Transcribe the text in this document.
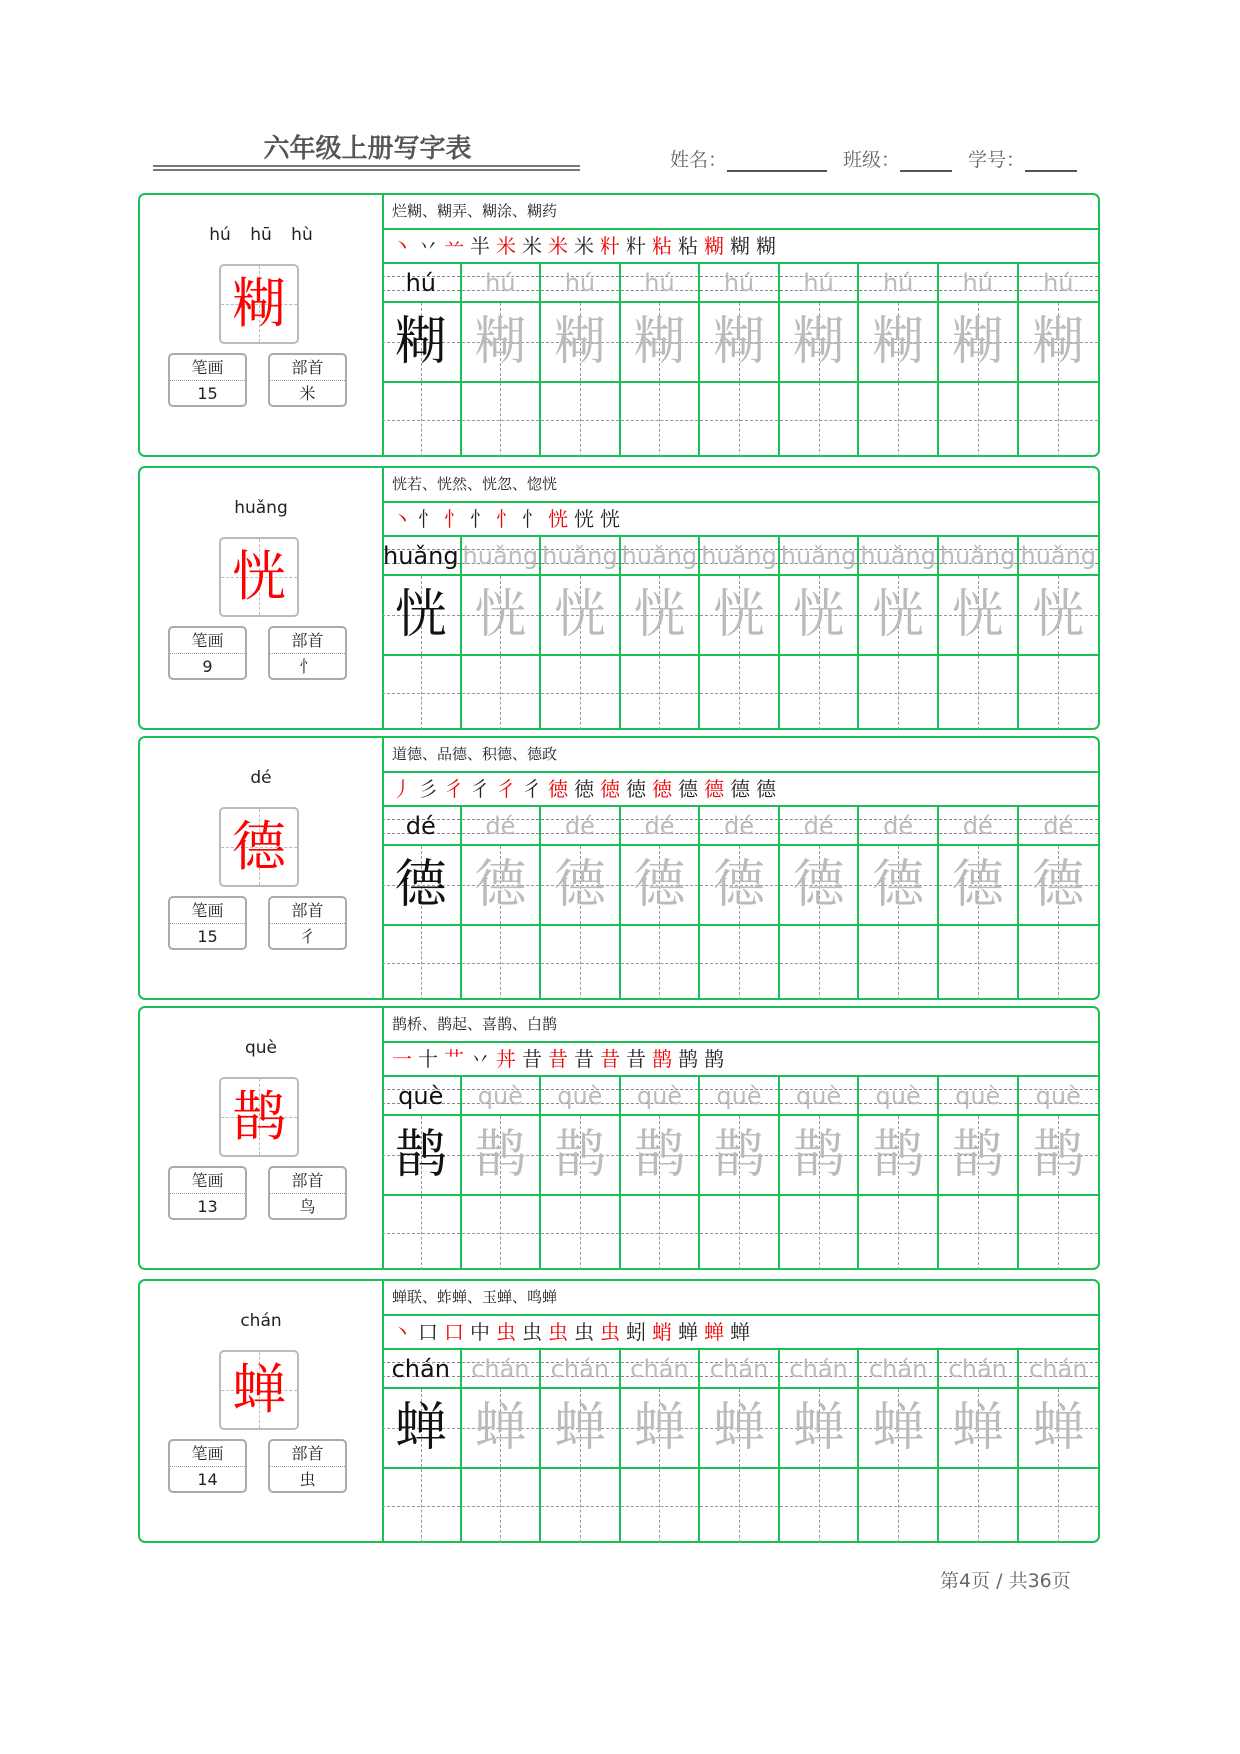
六年级上册写字表	姓名：	班级：	学号：
hú hū hù
糊
笔画
15
部首
米
烂糊、糊弄、糊涂、糊药
丶 丷 䒑 半 米 米 米 米 籵 籵 粘 粘 糊 糊 糊
hú	hú	hú	hú	hú	hú	hú	hú	hú
糊 糊 糊 糊 糊 糊 糊 糊 糊
huǎng
恍
笔画
9
部首
忄
恍若、恍然、恍忽、惚恍
丶 忄 忄 忄 忄 忄 恍 恍 恍
huǎng huǎng huǎng huǎng huǎng huǎng huǎng huǎng huǎng
恍 恍 恍 恍 恍 恍 恍 恍 恍
dé
德
笔画
15
部首
彳
道德、品德、积德、德政
丿 彡 彳 彳 彳 彳 徳 徳 徳 徳 徳 德 德 德 德
dé	dé	dé	dé	dé	dé	dé	dé	dé
德 德 德 德 德 德 德 德 德
què
鹊
笔画
13
部首
鸟
鹊桥、鹊起、喜鹊、白鹊
一 十 艹 丷 丼 昔 昔 昔 昔 昔 鹊 鹊 鹊
què	què	què	què	què	què	què	què	què
鹊 鹊 鹊 鹊 鹊 鹊 鹊 鹊 鹊
chán
蝉
笔画
14
部首
虫
蝉联、蚱蝉、玉蝉、鸣蝉
丶 口 口 中 虫 虫 虫 虫 虫 蚓 蛸 蝉 蝉 蝉
chán chán chán chán chán chán chán chán chán
蝉 蝉 蝉 蝉 蝉 蝉 蝉 蝉 蝉
第4页 / 共36页
